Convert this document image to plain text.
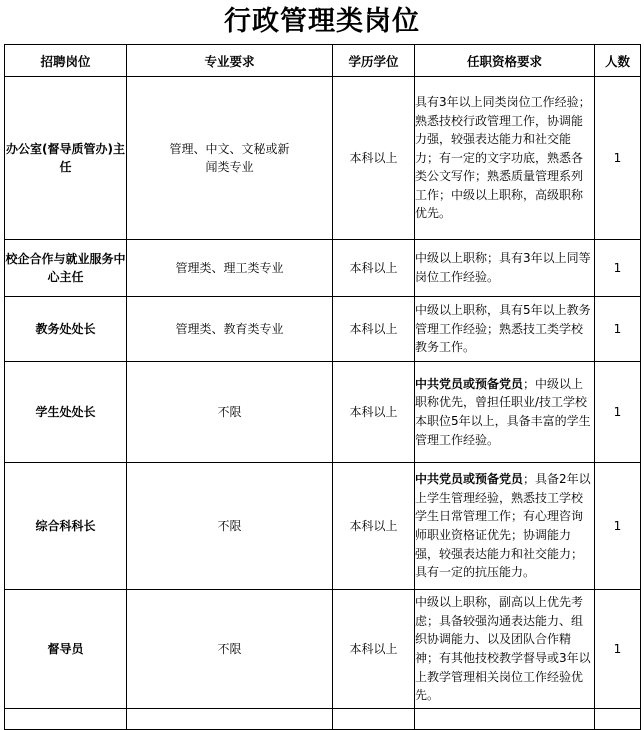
行政管理类岗位
招聘岗位	专业要求	学历学位	任职资格要求	人数
办公室(督导质管办)主任	管理、中文、文秘或新闻类专业	本科以上	具有3年以上同类岗位工作经验；熟悉技校行政管理工作，协调能力强，较强表达能力和社交能力；有一定的文字功底，熟悉各类公文写作；熟悉质量管理系列工作；中级以上职称，高级职称优先。	1
校企合作与就业服务中心主任	管理类、理工类专业	本科以上	中级以上职称；具有3年以上同等岗位工作经验。	1
教务处处长	管理类、教育类专业	本科以上	中级以上职称，具有5年以上教务管理工作经验；熟悉技工类学校教务工作。	1
学生处处长	不限	本科以上	中共党员或预备党员；中级以上职称优先，曾担任职业/技工学校本职位5年以上，具备丰富的学生管理工作经验。	1
综合科科长	不限	本科以上	中共党员或预备党员；具备2年以上学生管理经验，熟悉技工学校学生日常管理工作；有心理咨询师职业资格证优先；协调能力强，较强表达能力和社交能力；具有一定的抗压能力。	1
督导员	不限	本科以上	中级以上职称，副高以上优先考虑；具备较强沟通表达能力、组织协调能力、以及团队合作精神；有其他技校教学督导或3年以上教学管理相关岗位工作经验优先。	1
